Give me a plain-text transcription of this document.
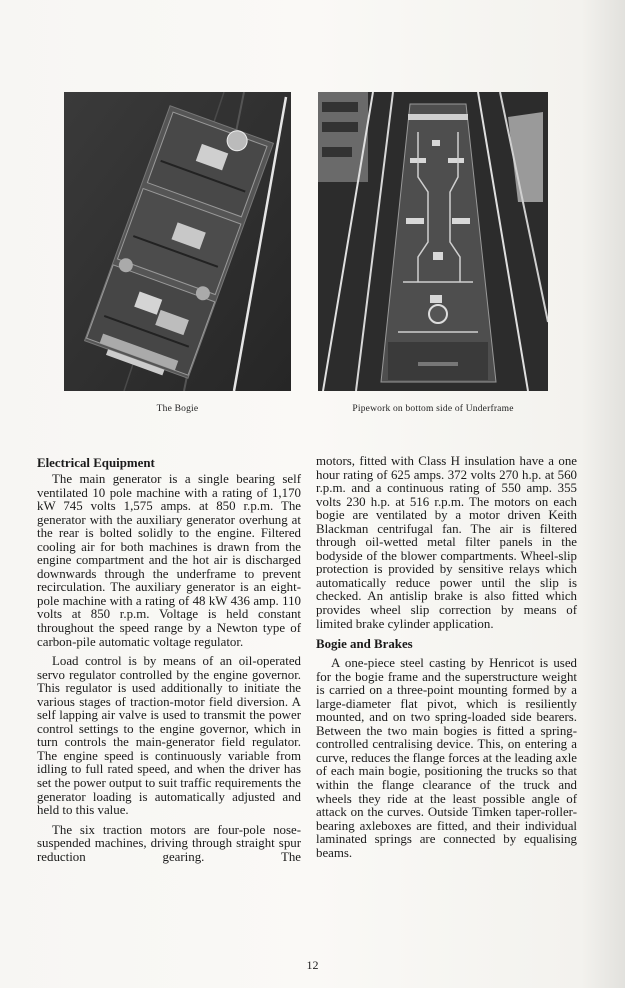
The Bogie	Pipework on bottom side of Underframe
Electrical Equipment

The main generator is a single bearing self ventilated 10 pole machine with a rating of 1,170 kW 745 volts 1,575 amps. at 850 r.p.m. The generator with the auxiliary generator overhung at the rear is bolted solidly to the engine. Filtered cooling air for both machines is drawn from the engine compartment and the hot air is discharged downwards through the underframe to prevent recirculation. The auxiliary generator is an eight-pole machine with a rating of 48 kW 436 amp. 110 volts at 850 r.p.m. Voltage is held constant throughout the speed range by a Newton type of carbon-pile automatic voltage regulator.

Load control is by means of an oil-operated servo regulator controlled by the engine governor. This regulator is used additionally to initiate the various stages of traction-motor field diversion. A self lapping air valve is used to transmit the power control settings to the engine governor, which in turn controls the main-generator field regulator. The engine speed is continuously variable from idling to full rated speed, and when the driver has set the power output to suit traffic requirements the generator loading is automatically adjusted and held to this value.

The six traction motors are four-pole nose-suspended machines, driving through straight spur reduction gearing. The

motors, fitted with Class H insulation have a one hour rating of 625 amps. 372 volts 270 h.p. at 560 r.p.m. and a continuous rating of 550 amp. 355 volts 230 h.p. at 516 r.p.m. The motors on each bogie are ventilated by a motor driven Keith Blackman centrifugal fan. The air is filtered through oil-wetted metal filter panels in the bodyside of the blower compartments. Wheel-slip protection is provided by sensitive relays which automatically reduce power until the slip is checked. An antislip brake is also fitted which provides wheel slip correction by means of limited brake cylinder application.

Bogie and Brakes

A one-piece steel casting by Henricot is used for the bogie frame and the superstructure weight is carried on a three-point mounting formed by a large-diameter flat pivot, which is resiliently mounted, and on two spring-loaded side bearers. Between the two main bogies is fitted a spring-controlled centralising device. This, on entering a curve, reduces the flange forces at the leading axle of each main bogie, positioning the trucks so that within the flange clearance of the truck and wheels they ride at the least possible angle of attack on the curves. Outside Timken taper-roller-bearing axleboxes are fitted, and their individual laminated springs are connected by equalising beams.

12
